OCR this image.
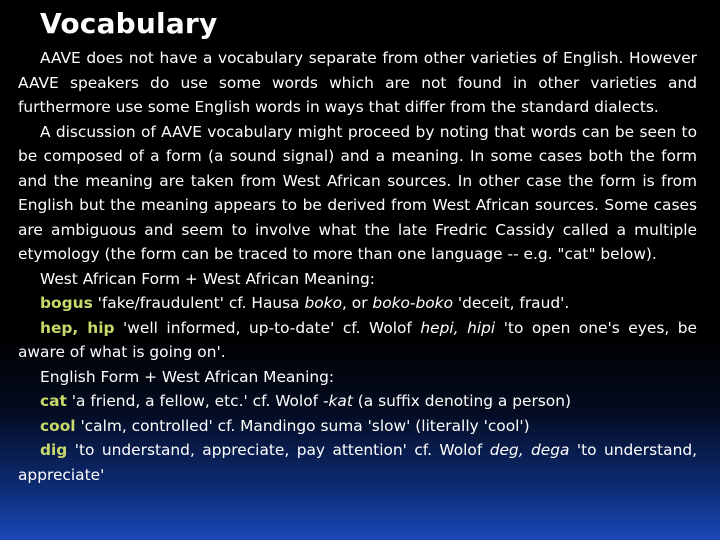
Vocabulary

AAVE does not have a vocabulary separate from other varieties of English. However AAVE speakers do use some words which are not found in other varieties and furthermore use some English words in ways that differ from the standard dialects.

A discussion of AAVE vocabulary might proceed by noting that words can be seen to be composed of a form (a sound signal) and a meaning. In some cases both the form and the meaning are taken from West African sources. In other case the form is from English but the meaning appears to be derived from West African sources. Some cases are ambiguous and seem to involve what the late Fredric Cassidy called a multiple etymology (the form can be traced to more than one language -- e.g. "cat" below).

West African Form + West African Meaning:

bogus 'fake/fraudulent' cf. Hausa boko, or boko-boko 'deceit, fraud'.

hep, hip 'well informed, up-to-date' cf. Wolof hepi, hipi 'to open one's eyes, be aware of what is going on'.

English Form + West African Meaning:

cat 'a friend, a fellow, etc.' cf. Wolof -kat (a suffix denoting a person)

cool 'calm, controlled' cf. Mandingo suma 'slow' (literally 'cool')

dig 'to understand, appreciate, pay attention' cf. Wolof deg, dega 'to understand, appreciate'
